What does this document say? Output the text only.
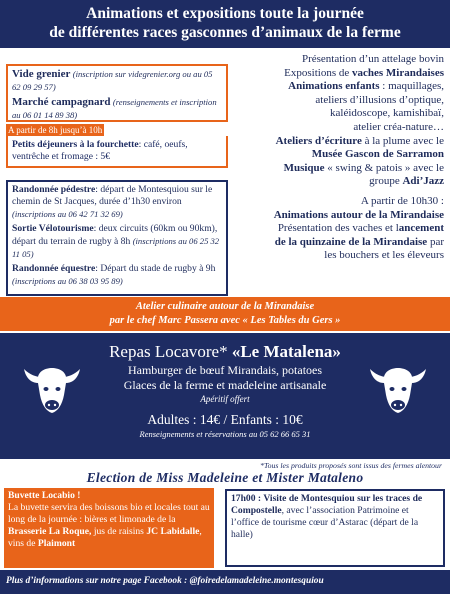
Animations et expositions toute la journée
de différentes races gasconnes d’animaux de la ferme
Vide grenier (inscription sur videgrenier.org ou au 05 62 09 29 57)
Marché campagnard (renseignements et inscription au 06 01 14 89 38)
A partir de 8h jusqu’à 10h
Petits déjeuners à la fourchette: café, oeufs, ventrêche et fromage : 5€
Randonnée pédestre: départ de Montesquiou sur le chemin de St Jacques, durée d’1h30 environ (inscriptions au 06 42 71 32 69)
Sortie Vélotourisme: deux circuits (60km ou 90km), départ du terrain de rugby à 8h (inscriptions au 06 25 32 11 05)
Randonnée équestre: Départ du stade de rugby à 9h (inscriptions au 06 38 03 95 89)
Présentation d’un attelage bovin
Expositions de vaches Mirandaises
Animations enfants : maquillages,
ateliers d’illusions d’optique,
kaléidoscope, kamishibaï,
atelier créa-nature…
Ateliers d’écriture à la plume avec le
Musée Gascon de Sarramon
Musique « swing & patois » avec le
groupe Adi’Jazz
A partir de 10h30 :
Animations autour de la Mirandaise
Présentation des vaches et lancement
de la quinzaine de la Mirandaise par
les bouchers et les éleveurs
Atelier culinaire autour de la Mirandaise
par le chef Marc Passera avec « Les Tables du Gers »
Repas Locavore* «Le Matalena»
Hamburger de bœuf Mirandais, potatoes
Glaces de la ferme et madeleine artisanale
Apéritif offert
Adultes : 14€ / Enfants : 10€
Renseignements et réservations au 05 62 66 65 31
*Tous les produits proposés sont issus des fermes alentour
Election de Miss Madeleine et Mister Mataleno
Buvette Locabio !
La buvette servira des boissons bio et locales tout au long de la journée : bières et limonade de la Brasserie La Roque, jus de raisins JC Labidalle, vins de Plaimont
17h00 : Visite de Montesquiou sur les traces de Compostelle, avec l’association Patrimoine et l’office de tourisme cœur d’Astarac (départ de la halle)
Plus d’informations sur notre page Facebook : @foiredelamadeleine.montesquiou
